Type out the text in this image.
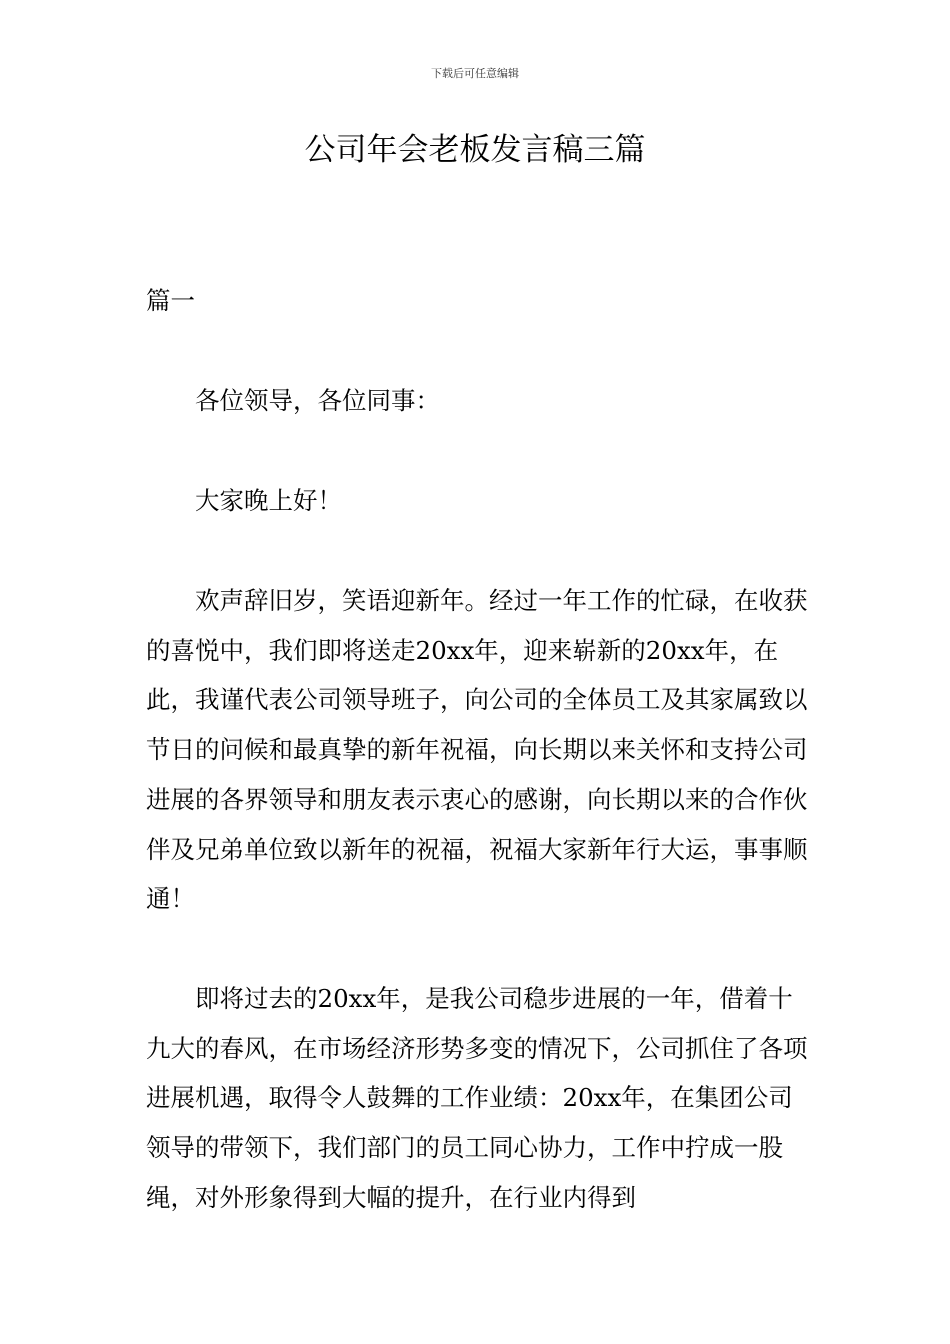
下载后可任意编辑
公司年会老板发言稿三篇

篇一

各位领导，各位同事：

大家晚上好！

欢声辞旧岁，笑语迎新年。经过一年工作的忙碌，在收获的喜悦中，我们即将送走20xx年，迎来崭新的20xx年，在此，我谨代表公司领导班子，向公司的全体员工及其家属致以节日的问候和最真挚的新年祝福，向长期以来关怀和支持公司进展的各界领导和朋友表示衷心的感谢，向长期以来的合作伙伴及兄弟单位致以新年的祝福，祝福大家新年行大运，事事顺通！

即将过去的20xx年，是我公司稳步进展的一年，借着十九大的春风，在市场经济形势多变的情况下，公司抓住了各项进展机遇，取得令人鼓舞的工作业绩：20xx年，在集团公司领导的带领下，我们部门的员工同心协力，工作中拧成一股绳，对外形象得到大幅的提升，在行业内得到
